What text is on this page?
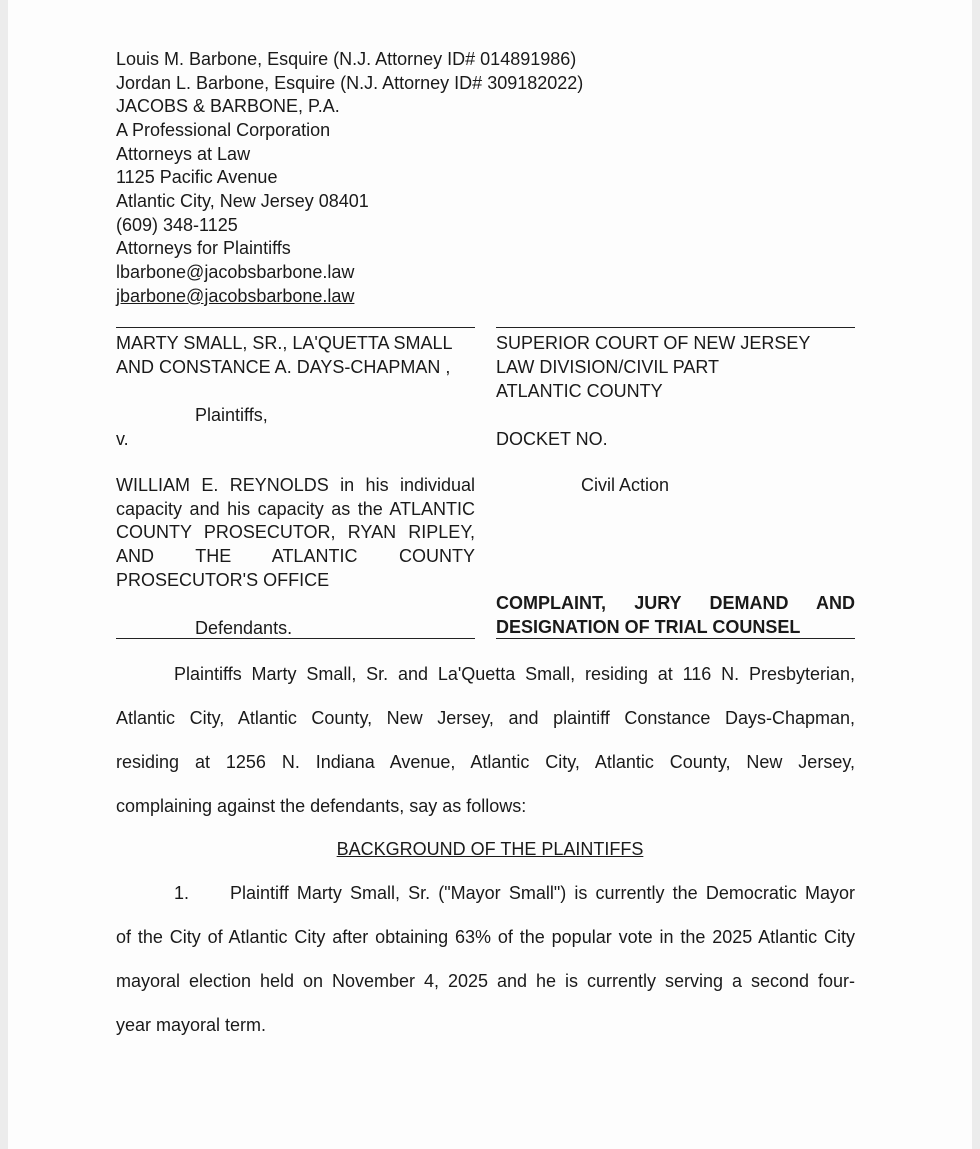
Louis M. Barbone, Esquire (N.J. Attorney ID# 014891986)
Jordan L. Barbone, Esquire (N.J. Attorney ID# 309182022)
JACOBS & BARBONE, P.A.
A Professional Corporation
Attorneys at Law
1125 Pacific Avenue
Atlantic City, New Jersey 08401
(609) 348-1125
Attorneys for Plaintiffs
lbarbone@jacobsbarbone.law
jbarbone@jacobsbarbone.law
MARTY SMALL, SR., LA'QUETTA SMALL
AND CONSTANCE A. DAYS-CHAPMAN ,
Plaintiffs,
v.
WILLIAM E. REYNOLDS in his individual
capacity and his capacity as the ATLANTIC
COUNTY PROSECUTOR, RYAN RIPLEY,
AND THE ATLANTIC COUNTY
PROSECUTOR'S OFFICE
Defendants.
SUPERIOR COURT OF NEW JERSEY
LAW DIVISION/CIVIL PART
ATLANTIC COUNTY
DOCKET NO.
Civil Action
COMPLAINT, JURY DEMAND AND
DESIGNATION OF TRIAL COUNSEL
Plaintiffs Marty Small, Sr. and La'Quetta Small, residing at 116 N. Presbyterian,
Atlantic City, Atlantic County, New Jersey, and plaintiff Constance Days-Chapman,
residing at 1256 N. Indiana Avenue, Atlantic City, Atlantic County, New Jersey,
complaining against the defendants, say as follows:
BACKGROUND OF THE PLAINTIFFS
1. Plaintiff Marty Small, Sr. ("Mayor Small") is currently the Democratic Mayor
of the City of Atlantic City after obtaining 63% of the popular vote in the 2025 Atlantic City
mayoral election held on November 4, 2025 and he is currently serving a second four-
year mayoral term.
